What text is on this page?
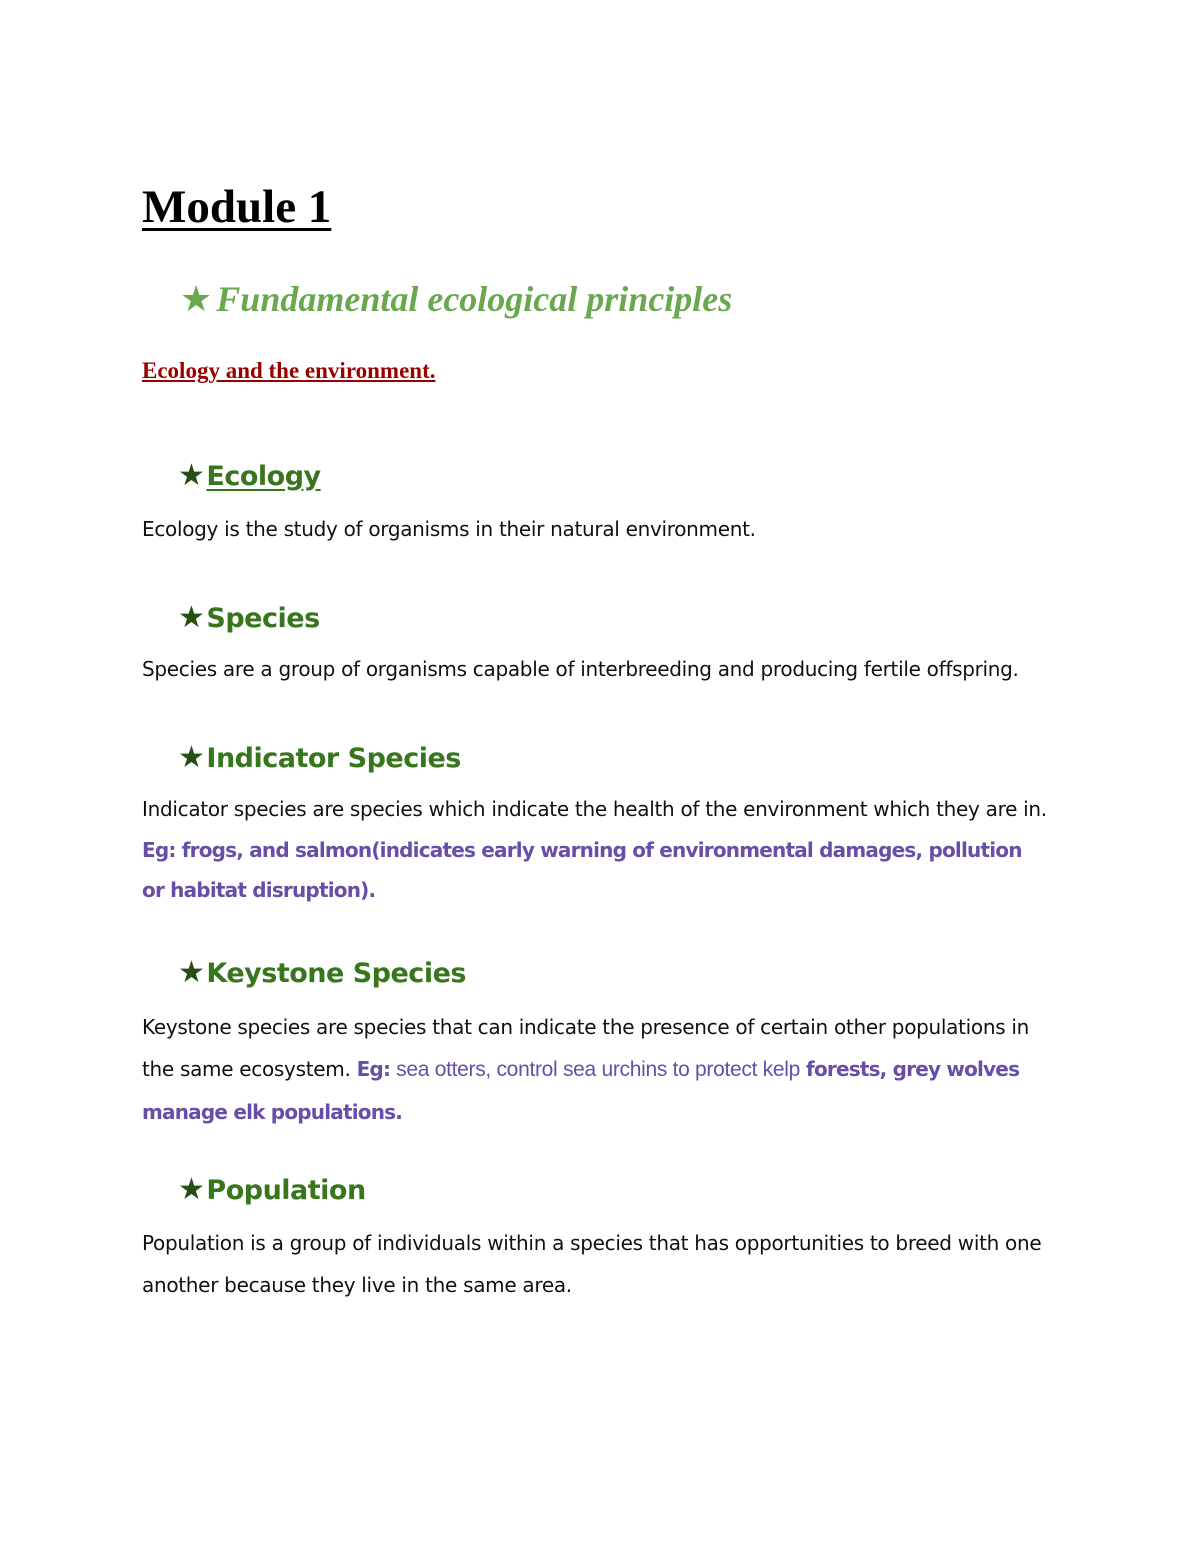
Module 1
★ Fundamental ecological principles

Ecology and the environment.

★Ecology

Ecology is the study of organisms in their natural environment.

★Species

Species are a group of organisms capable of interbreeding and producing fertile offspring.

★Indicator Species

Indicator species are species which indicate the health of the environment which they are in.

Eg: frogs, and salmon(indicates early warning of environmental damages, pollution or habitat disruption).

★Keystone Species

Keystone species are species that can indicate the presence of certain other populations in the same ecosystem. Eg: sea otters, control sea urchins to protect kelp forests, grey wolves manage elk populations.

★Population

Population is a group of individuals within a species that has opportunities to breed with one another because they live in the same area.
